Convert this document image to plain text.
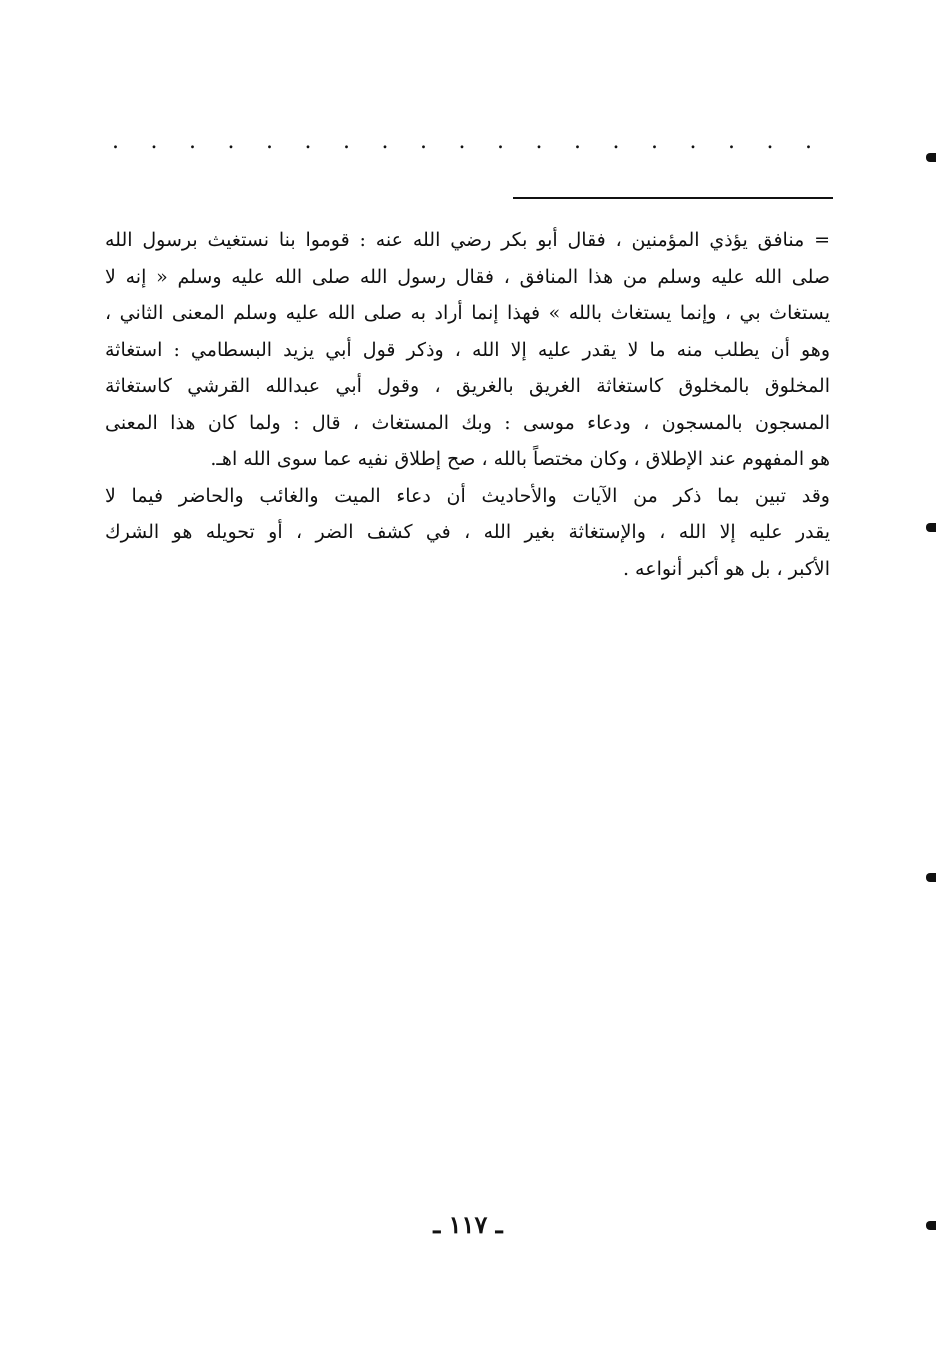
. . . . . . . . . . . . . . . . . . .
= منافق يؤذي المؤمنين ، فقال أبو بكر رضي الله عنه : قوموا بنا نستغيث برسول الله
صلى الله عليه وسلم من هذا المنافق ، فقال رسول الله صلى الله عليه وسلم « إنه لا
يستغاث بي ، وإنما يستغاث بالله » فهذا إنما أراد به صلى الله عليه وسلم المعنى الثاني ،
وهو أن يطلب منه ما لا يقدر عليه إلا الله ، وذكر قول أبي يزيد البسطامي : استغاثة
المخلوق بالمخلوق كاستغاثة الغريق بالغريق ، وقول أبي عبدالله القرشي كاستغاثة
المسجون بالمسجون ، ودعاء موسى : وبك المستغاث ، قال : ولما كان هذا المعنى
هو المفهوم عند الإطلاق ، وكان مختصاً بالله ، صح إطلاق نفيه عما سوى الله اهـ.
وقد تبين بما ذكر من الآيات والأحاديث أن دعاء الميت والغائب والحاضر فيما لا
يقدر عليه إلا الله ، والإستغاثة بغير الله ، في كشف الضر ، أو تحويله هو الشرك
الأكبر ، بل هو أكبر أنواعه .
ـ ١١٧ ـ
